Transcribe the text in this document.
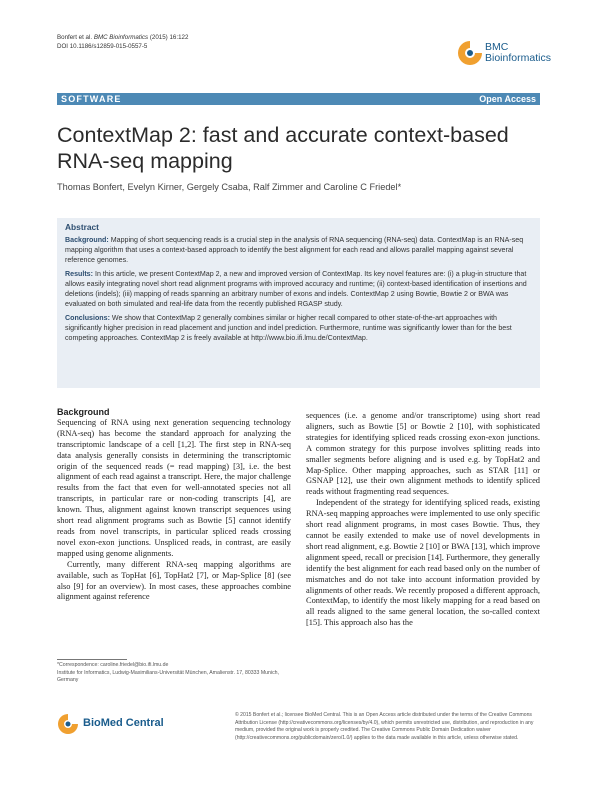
Bonfert et al. BMC Bioinformatics (2015) 16:122
DOI 10.1186/s12859-015-0557-5	BMC
Bioinformatics
SOFTWARE	Open Access
ContextMap 2: fast and accurate context-based RNA-seq mapping
Thomas Bonfert, Evelyn Kirner, Gergely Csaba, Ralf Zimmer and Caroline C Friedel*
Abstract

Background: Mapping of short sequencing reads is a crucial step in the analysis of RNA sequencing (RNA-seq) data. ContextMap is an RNA-seq mapping algorithm that uses a context-based approach to identify the best alignment for each read and allows parallel mapping against several reference genomes.

Results: In this article, we present ContextMap 2, a new and improved version of ContextMap. Its key novel features are: (i) a plug-in structure that allows easily integrating novel short read alignment programs with improved accuracy and runtime; (ii) context-based identification of insertions and deletions (indels); (iii) mapping of reads spanning an arbitrary number of exons and indels. ContextMap 2 using Bowtie, Bowtie 2 or BWA was evaluated on both simulated and real-life data from the recently published RGASP study.

Conclusions: We show that ContextMap 2 generally combines similar or higher recall compared to other state-of-the-art approaches with significantly higher precision in read placement and junction and indel prediction. Furthermore, runtime was significantly lower than for the best competing approaches. ContextMap 2 is freely available at http://www.bio.ifi.lmu.de/ContextMap.

Background

Sequencing of RNA using next generation sequencing technology (RNA-seq) has become the standard approach for analyzing the transcriptomic landscape of a cell [1,2]. The first step in RNA-seq data analysis generally consists in determining the transcriptomic origin of the sequenced reads (= read mapping) [3], i.e. the best alignment of each read against a transcript. Here, the major challenge results from the fact that even for well-annotated species not all transcripts, in particular rare or non-coding transcripts [4], are known. Thus, alignment against known transcript sequences using short read alignment programs such as Bowtie [5] cannot identify reads from novel transcripts, in particular spliced reads crossing novel exon-exon junctions. Unspliced reads, in contrast, are easily mapped using genome alignments.

Currently, many different RNA-seq mapping algorithms are available, such as TopHat [6], TopHat2 [7], or Map-Splice [8] (see also [9] for an overview). In most cases, these approaches combine alignment against reference

sequences (i.e. a genome and/or transcriptome) using short read aligners, such as Bowtie [5] or Bowtie 2 [10], with sophisticated strategies for identifying spliced reads crossing exon-exon junctions. A common strategy for this purpose involves splitting reads into smaller segments before aligning and is used e.g. by TopHat2 and Map-Splice. Other mapping approaches, such as STAR [11] or GSNAP [12], use their own alignment methods to identify spliced reads without fragmenting read sequences.

Independent of the strategy for identifying spliced reads, existing RNA-seq mapping approaches were implemented to use only specific short read alignment programs, in most cases Bowtie. Thus, they cannot be easily extended to make use of novel developments in short read alignment, e.g. Bowtie 2 [10] or BWA [13], which improve alignment speed, recall or precision [14]. Furthermore, they generally identify the best alignment for each read based only on the number of mismatches and do not take into account information provided by alignments of other reads. We recently proposed a different approach, ContextMap, to identify the most likely mapping for a read based on all reads aligned to the same general location, the so-called context [15]. This approach also has the

*Correspondence: caroline.friedel@bio.ifi.lmu.de
Institute for Informatics, Ludwig-Maximilians-Universität München, Amalienstr. 17, 80333 Munich, Germany
BioMed Central
© 2015 Bonfert et al.; licensee BioMed Central. This is an Open Access article distributed under the terms of the Creative Commons Attribution License (http://creativecommons.org/licenses/by/4.0), which permits unrestricted use, distribution, and reproduction in any medium, provided the original work is properly credited. The Creative Commons Public Domain Dedication waiver (http://creativecommons.org/publicdomain/zero/1.0/) applies to the data made available in this article, unless otherwise stated.
